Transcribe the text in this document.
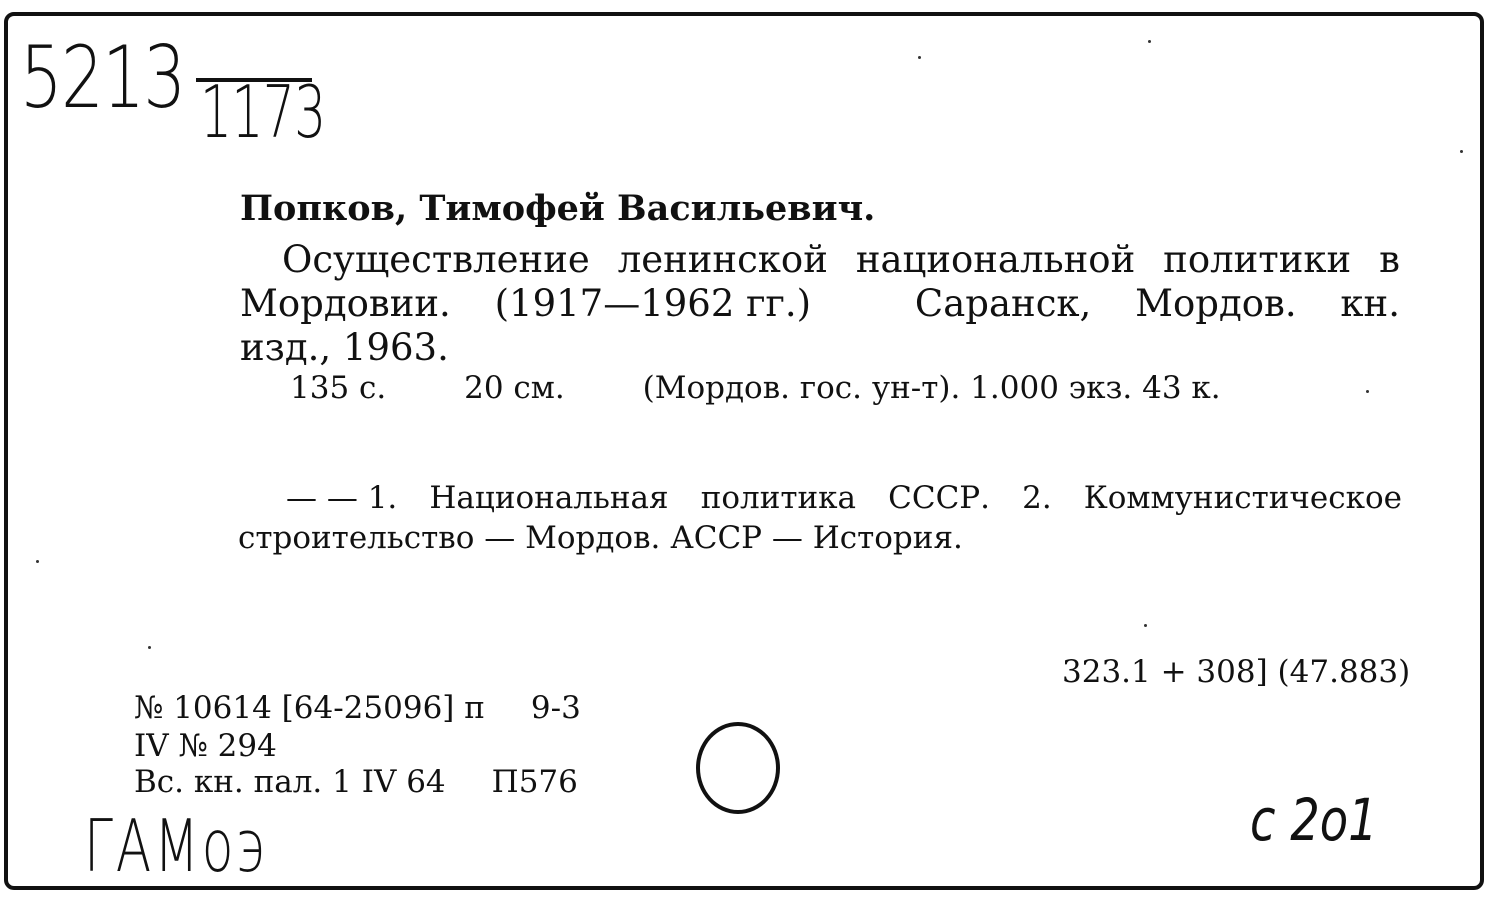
5213 1173
Попков, Тимофей Васильевич.
Осуществление ленинской национальной политики в
Мордовии. (1917—1962 гг.)	Саранск, Мордов. кн.
изд., 1963.
135 с.	20 см.	(Мордов. гос. ун-т). 1.000 экз. 43 к.
— — 1. Национальная политика СССР. 2. Коммунистическое
строительство — Мордов. АССР — История.
323.1 + 308] (47.883)
№ 10614 [64-25096] п 9-3
IV № 294
Вс. кн. пал. 1 IV 64 П576
ГАМоэ	с 2о1
